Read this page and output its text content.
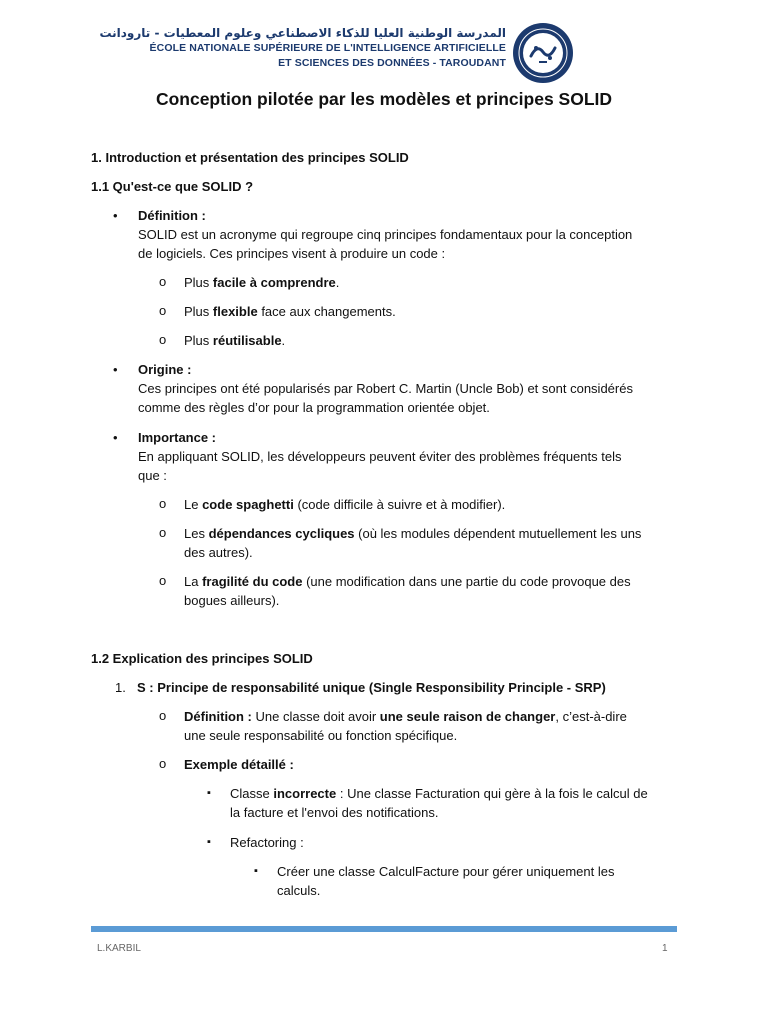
المدرسة الوطنية العليا للذكاء الاصطناعي وعلوم المعطيات - تارودانت
ÉCOLE NATIONALE SUPÉRIEURE DE L'INTELLIGENCE ARTIFICIELLE
ET SCIENCES DES DONNÉES - TAROUDANT
Conception pilotée par les modèles et principes SOLID
1. Introduction et présentation des principes SOLID
1.1 Qu'est-ce que SOLID ?
• Définition :
SOLID est un acronyme qui regroupe cinq principes fondamentaux pour la conception
de logiciels. Ces principes visent à produire un code :
o Plus facile à comprendre.
o Plus flexible face aux changements.
o Plus réutilisable.
• Origine :
Ces principes ont été popularisés par Robert C. Martin (Uncle Bob) et sont considérés
comme des règles d’or pour la programmation orientée objet.
• Importance :
En appliquant SOLID, les développeurs peuvent éviter des problèmes fréquents tels
que :
o Le code spaghetti (code difficile à suivre et à modifier).
o Les dépendances cycliques (où les modules dépendent mutuellement les uns
des autres).
o La fragilité du code (une modification dans une partie du code provoque des
bogues ailleurs).
1.2 Explication des principes SOLID
1. S : Principe de responsabilité unique (Single Responsibility Principle - SRP)
o Définition : Une classe doit avoir une seule raison de changer, c’est-à-dire
une seule responsabilité ou fonction spécifique.
o Exemple détaillé :
▪ Classe incorrecte : Une classe Facturation qui gère à la fois le calcul de
la facture et l'envoi des notifications.
▪ Refactoring :
▪ Créer une classe CalculFacture pour gérer uniquement les
calculs.
L.KARBIL	1
